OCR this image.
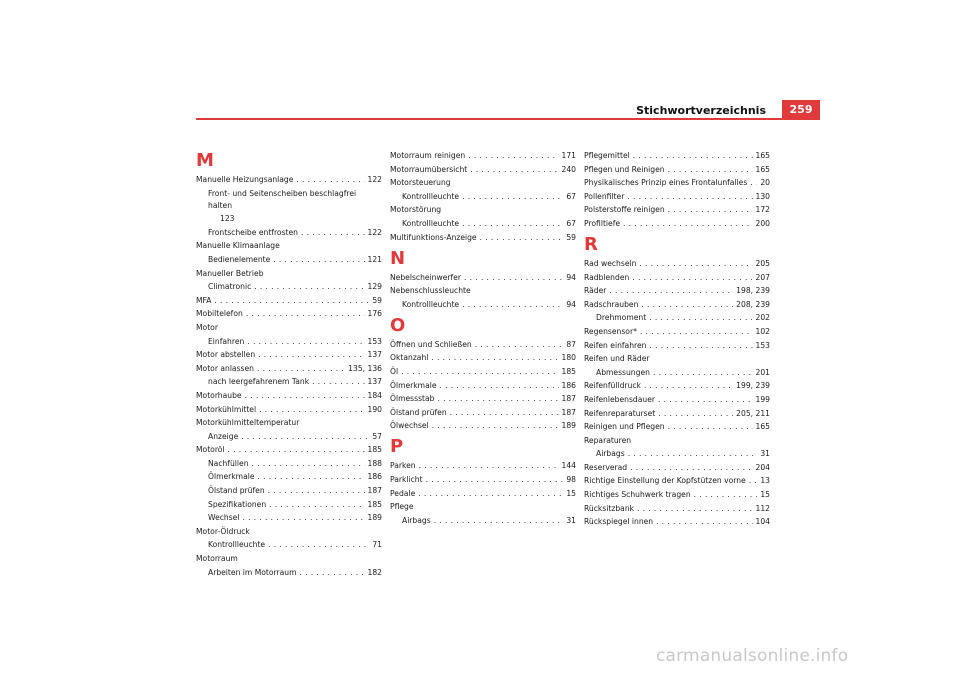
Stichwortverzeichnis	259
M
Manuelle Heizungsanlage . . .	122
Front- und Seitenscheiben beschlagfrei halten
123
Frontscheibe entfrosten . . .	122
Manuelle Klimaanlage
Bedienelemente . . .	121
Manueller Betrieb
Climatronic . . .	129
MFA . . .	59
Mobiltelefon . . .	176
Motor
Einfahren . . .	153
Motor abstellen . . .	137
Motor anlassen . . .	135, 136
nach leergefahrenem Tank . . .	137
Motorhaube . . .	184
Motorkühlmittel . . .	190
Motorkühlmitteltemperatur
Anzeige . . .	57
Motoröl . . .	185
Nachfüllen . . .	188
Ölmerkmale . . .	186
Ölstand prüfen . . .	187
Spezifikationen . . .	185
Wechsel . . .	189
Motor-Öldruck
Kontrollleuchte . . .	71
Motorraum
Arbeiten im Motorraum . . .	182
Motorraum reinigen . . .	171
Motorraumübersicht . . .	240
Motorsteuerung
Kontrollleuchte . . .	67
Motorstörung
Kontrollleuchte . . .	67
Multifunktions-Anzeige . . .	59
N
Nebelscheinwerfer . . .	94
Nebenschlussleuchte
Kontrollleuchte . . .	94
O
Öffnen und Schließen . . .	87
Oktanzahl . . .	180
Öl . . .	185
Ölmerkmale . . .	186
Ölmessstab . . .	187
Ölstand prüfen . . .	187
Ölwechsel . . .	189
P
Parken . . .	144
Parklicht . . .	98
Pedale . . .	15
Pflege
Airbags . . .	31
Pflegemittel . . .	165
Pflegen und Reinigen . . .	165
Physikalisches Prinzip eines Frontalunfalles . . . 20
Pollenfilter . . .	130
Polsterstoffe reinigen . . .	172
Profiltiefe . . .	200
R
Rad wechseln . . .	205
Radblenden . . .	207
Räder . . .	198, 239
Radschrauben . . .	208, 239
Drehmoment . . .	202
Regensensor* . . .	102
Reifen einfahren . . .	153
Reifen und Räder
Abmessungen . . .	201
Reifenfülldruck . . .	199, 239
Reifenlebensdauer . . .	199
Reifenreparaturset . . .	205, 211
Reinigen und Pflegen . . .	165
Reparaturen
Airbags . . .	31
Reserverad . . .	204
Richtige Einstellung der Kopfstützen vorne . . . 13
Richtiges Schuhwerk tragen . . .	15
Rücksitzbank . . .	112
Rückspiegel innen . . .	104
carmanualsonline.info
